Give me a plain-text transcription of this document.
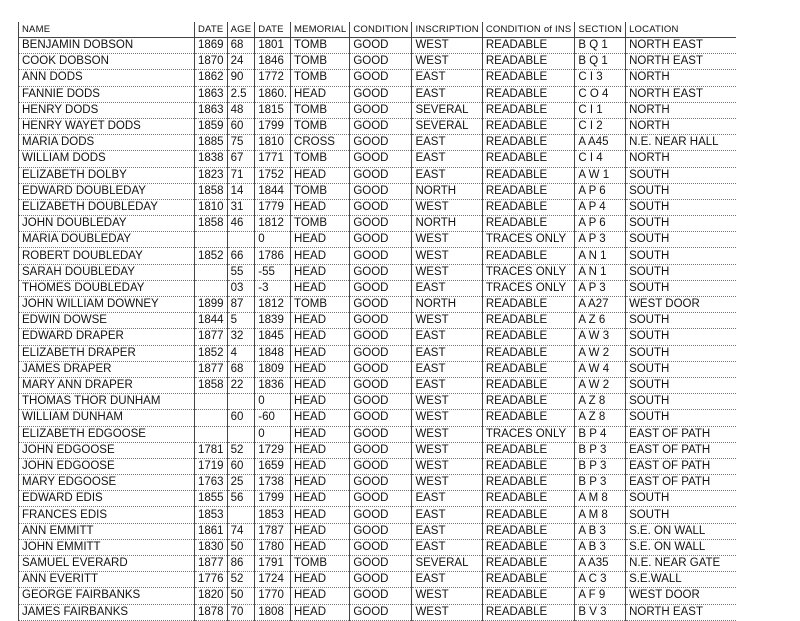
NAME	DATE	AGE	DATE	MEMORIAL	CONDITION	INSCRIPTION	CONDITION of INS	SECTION	LOCATION
BENJAMIN DOBSON	1869	68	1801	TOMB	GOOD	WEST	READABLE	B Q 1	NORTH EAST
COOK DOBSON	1870	24	1846	TOMB	GOOD	WEST	READABLE	B Q 1	NORTH EAST
ANN DODS	1862	90	1772	TOMB	GOOD	EAST	READABLE	C I 3	NORTH
FANNIE DODS	1863	2.5	1860.	HEAD	GOOD	EAST	READABLE	C O 4	NORTH EAST
HENRY DODS	1863	48	1815	TOMB	GOOD	SEVERAL	READABLE	C I 1	NORTH
HENRY WAYET DODS	1859	60	1799	TOMB	GOOD	SEVERAL	READABLE	C I 2	NORTH
MARIA DODS	1885	75	1810	CROSS	GOOD	EAST	READABLE	A A45	N.E. NEAR HALL
WILLIAM DODS	1838	67	1771	TOMB	GOOD	EAST	READABLE	C I 4	NORTH
ELIZABETH DOLBY	1823	71	1752	HEAD	GOOD	EAST	READABLE	A W 1	SOUTH
EDWARD DOUBLEDAY	1858	14	1844	TOMB	GOOD	NORTH	READABLE	A P 6	SOUTH
ELIZABETH DOUBLEDAY	1810	31	1779	HEAD	GOOD	WEST	READABLE	A P 4	SOUTH
JOHN DOUBLEDAY	1858	46	1812	TOMB	GOOD	NORTH	READABLE	A P 6	SOUTH
MARIA DOUBLEDAY			0	HEAD	GOOD	WEST	TRACES ONLY	A P 3	SOUTH
ROBERT DOUBLEDAY	1852	66	1786	HEAD	GOOD	WEST	READABLE	A N 1	SOUTH
SARAH DOUBLEDAY		55	-55	HEAD	GOOD	WEST	TRACES ONLY	A N 1	SOUTH
THOMES DOUBLEDAY		03	-3	HEAD	GOOD	EAST	TRACES ONLY	A P 3	SOUTH
JOHN WILLIAM DOWNEY	1899	87	1812	TOMB	GOOD	NORTH	READABLE	A A27	WEST DOOR
EDWIN DOWSE	1844	5	1839	HEAD	GOOD	WEST	READABLE	A Z 6	SOUTH
EDWARD DRAPER	1877	32	1845	HEAD	GOOD	EAST	READABLE	A W 3	SOUTH
ELIZABETH DRAPER	1852	4	1848	HEAD	GOOD	EAST	READABLE	A W 2	SOUTH
JAMES DRAPER	1877	68	1809	HEAD	GOOD	EAST	READABLE	A W 4	SOUTH
MARY ANN DRAPER	1858	22	1836	HEAD	GOOD	EAST	READABLE	A W 2	SOUTH
THOMAS THOR DUNHAM			0	HEAD	GOOD	WEST	READABLE	A Z 8	SOUTH
WILLIAM DUNHAM		60	-60	HEAD	GOOD	WEST	READABLE	A Z 8	SOUTH
ELIZABETH EDGOOSE			0	HEAD	GOOD	WEST	TRACES ONLY	B P 4	EAST OF PATH
JOHN EDGOOSE	1781	52	1729	HEAD	GOOD	WEST	READABLE	B P 3	EAST OF PATH
JOHN EDGOOSE	1719	60	1659	HEAD	GOOD	WEST	READABLE	B P 3	EAST OF PATH
MARY EDGOOSE	1763	25	1738	HEAD	GOOD	WEST	READABLE	B P 3	EAST OF PATH
EDWARD EDIS	1855	56	1799	HEAD	GOOD	EAST	READABLE	A M 8	SOUTH
FRANCES EDIS	1853		1853	HEAD	GOOD	EAST	READABLE	A M 8	SOUTH
ANN EMMITT	1861	74	1787	HEAD	GOOD	EAST	READABLE	A B 3	S.E. ON WALL
JOHN EMMITT	1830	50	1780	HEAD	GOOD	EAST	READABLE	A B 3	S.E. ON WALL
SAMUEL EVERARD	1877	86	1791	TOMB	GOOD	SEVERAL	READABLE	A A35	N.E. NEAR GATE
ANN EVERITT	1776	52	1724	HEAD	GOOD	EAST	READABLE	A C 3	S.E.WALL
GEORGE FAIRBANKS	1820	50	1770	HEAD	GOOD	WEST	READABLE	A F 9	WEST DOOR
JAMES FAIRBANKS	1878	70	1808	HEAD	GOOD	WEST	READABLE	B V 3	NORTH EAST
